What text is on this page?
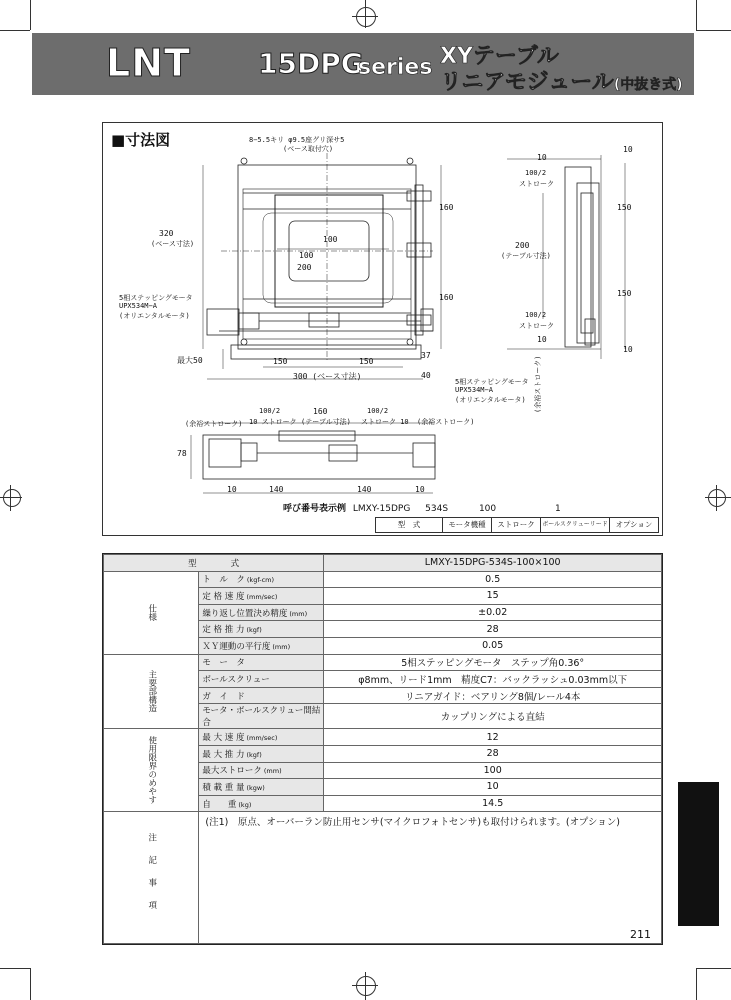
LNT 15DPG
series XYテーブル
リニアモジュール(中抜き式)
■寸法図	8−5.5キリ φ9.5座グリ深サ5
(ベース取付穴)
320
(ベース寸法)	100
100
200
160
160
5相ステッピングモータ
UPX534M−A
(オリエンタルモータ)
最大50	150	150
37
300 (ベース寸法)	40
5相ステッピングモータ
UPX534M−A
(オリエンタルモータ)
10
10
100/2
ストローク
150
200
(テーブル寸法)
150
100/2
ストローク
10
10
(余裕ストローク)
(余裕ストローク)
100/2
10 ストローク
160
(テーブル寸法)
100/2
ストローク 10 (余裕ストローク)
78
10	140	140	10
呼び番号表示例 LMXY-15DPG 534S	100	1
型　式	モータ機種	ストローク	ボールスクリューリード	オプション
型　　　　式		LMXY-15DPG-534S-100×100
仕様	ト　ル　ク (kgf-cm)	0.5
	定 格 速 度 (mm/sec)	15
	繰り返し位置決め精度 (mm)	±0.02
	定 格 推 力 (kgf)	28
	ＸＹ運動の平行度 (mm)	0.05
主要部構造	モ　ー　タ	5相ステッピングモータ　ステップ角0.36°
	ボールスクリュー	φ8mm、リード1mm　精度C7：バックラッシュ0.03mm以下
	ガ　イ　ド	リニアガイド：ベアリング8個/レール4本
	モータ・ボールスクリュー間結合	カップリングによる直結
使用限界のめやす	最 大 速 度 (mm/sec)	12
	最 大 推 力 (kgf)	28
	最大ストローク (mm)	100
	積 載 重 量 (kgw)	10
	自　　重 (kg)	14.5
注記事項	(注1)　原点、オーバーラン防止用センサ(マイクロフォトセンサ)も取付けられます。(オプション)	
211
